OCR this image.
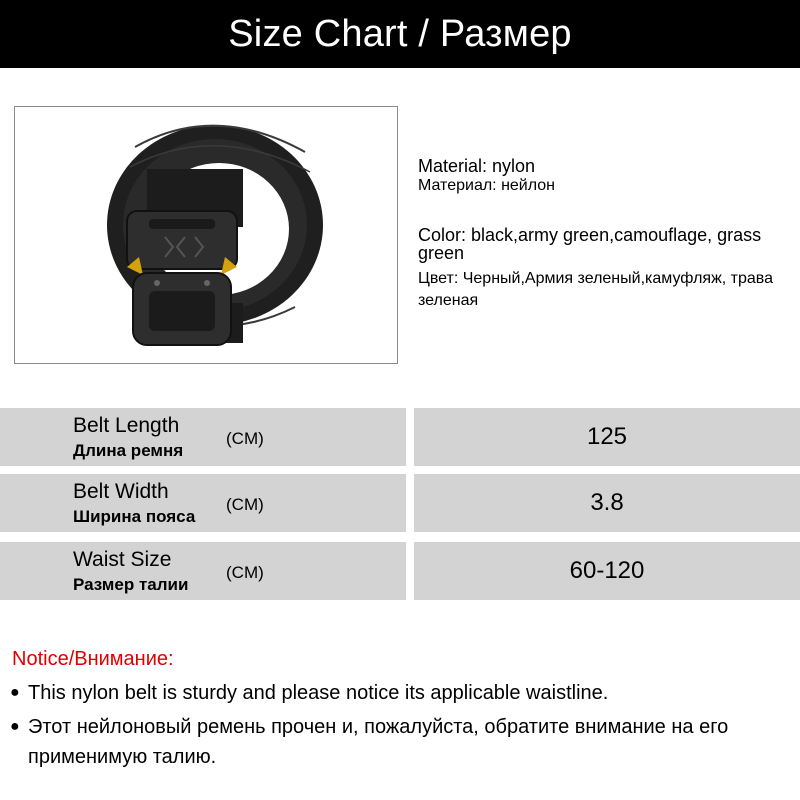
Size Chart / Размер
Material: nylon
Материал: нейлон
Color: black,army green,camouflage, grass green
Цвет: Черный,Армия зеленый,камуфляж, трава зеленая
Belt Length
Длина ремня
(CM)	125
Belt Width
Ширина пояса
(CM)	3.8
Waist Size
Размер талии
(CM)	60-120
Notice/Внимание:
● This nylon belt is sturdy and please notice its applicable waistline.
● Этот нейлоновый ремень прочен и, пожалуйста, обратите внимание на его применимую талию.
